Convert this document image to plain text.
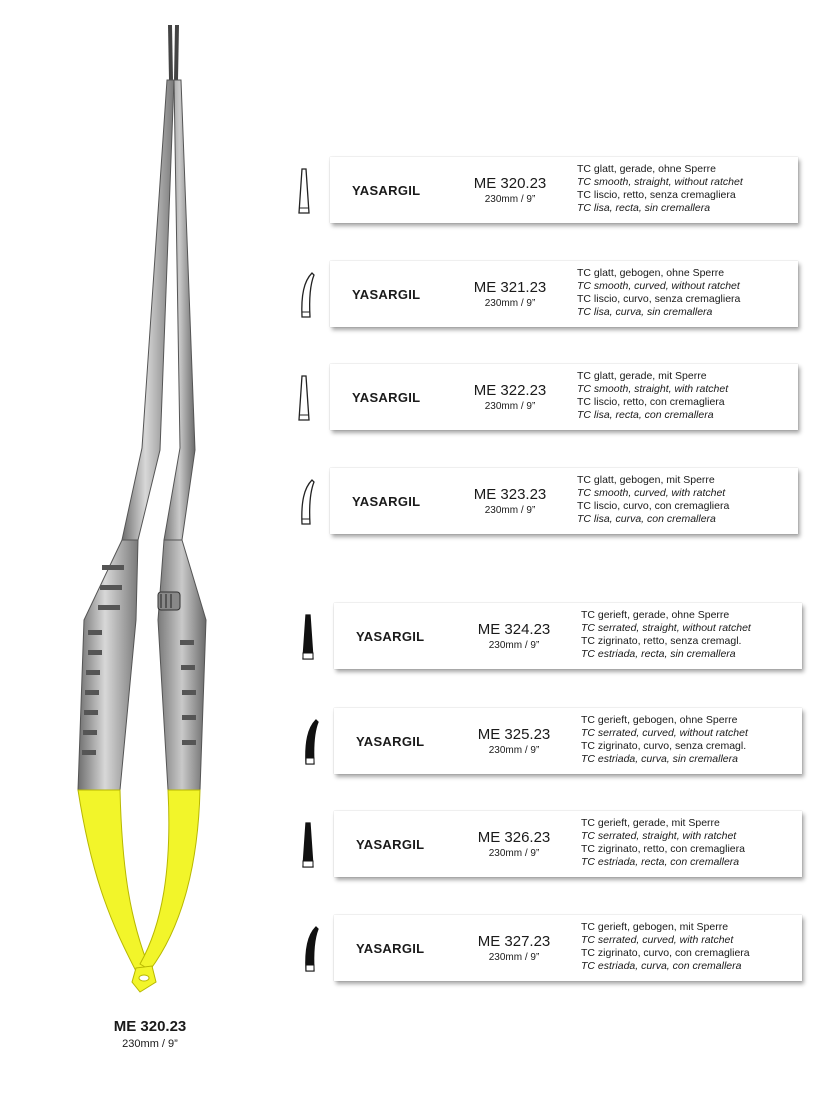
ME 320.23
230mm / 9”
YASARGIL	ME 320.23
230mm / 9”
TC glatt, gerade, ohne Sperre
TC smooth, straight, without ratchet
TC liscio, retto, senza cremagliera
TC lisa, recta, sin cremallera
YASARGIL	ME 321.23
230mm / 9”
TC glatt, gebogen, ohne Sperre
TC smooth, curved, without ratchet
TC liscio, curvo, senza cremagliera
TC lisa, curva, sin cremallera
YASARGIL	ME 322.23
230mm / 9”
TC glatt, gerade, mit Sperre
TC smooth, straight, with ratchet
TC liscio, retto, con cremagliera
TC lisa, recta, con cremallera
YASARGIL	ME 323.23
230mm / 9”
TC glatt, gebogen, mit Sperre
TC smooth, curved, with ratchet
TC liscio, curvo, con cremagliera
TC lisa, curva, con cremallera
YASARGIL	ME 324.23
230mm / 9”
TC gerieft, gerade, ohne Sperre
TC serrated, straight, without ratchet
TC zigrinato, retto, senza cremagl.
TC estriada, recta, sin cremallera
YASARGIL	ME 325.23
230mm / 9”
TC gerieft, gebogen, ohne Sperre
TC serrated, curved, without ratchet
TC zigrinato, curvo, senza cremagl.
TC estriada, curva, sin cremallera
YASARGIL	ME 326.23
230mm / 9”
TC gerieft, gerade, mit Sperre
TC serrated, straight, with ratchet
TC zigrinato, retto, con cremagliera
TC estriada, recta, con cremallera
YASARGIL	ME 327.23
230mm / 9”
TC gerieft, gebogen, mit Sperre
TC serrated, curved, with ratchet
TC zigrinato, curvo, con cremagliera
TC estriada, curva, con cremallera
